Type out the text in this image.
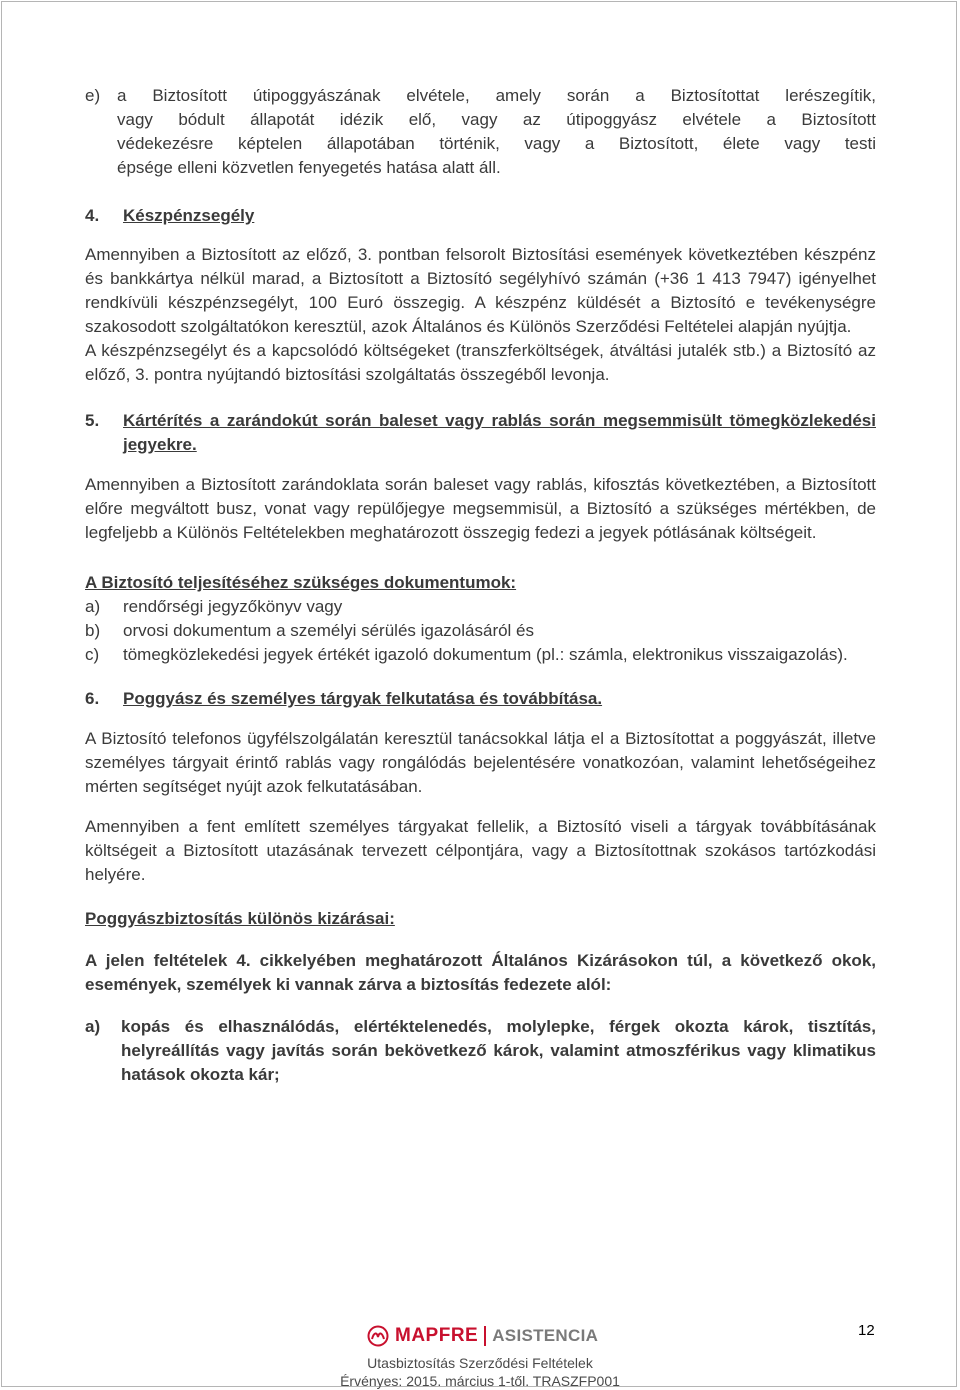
e) a Biztosított útipoggyászának elvétele, amely során a Biztosítottat lerészegítik,
vagy bódult állapotát idézik elő, vagy az útipoggyász elvétele a Biztosított
védekezésre képtelen állapotában történik, vagy a Biztosított, élete vagy testi
épsége elleni közvetlen fenyegetés hatása alatt áll.
4.	Készpénzsegély

Amennyiben a Biztosított az előző, 3. pontban felsorolt Biztosítási események következtében készpénz és bankkártya nélkül marad, a Biztosított a Biztosító segélyhívó számán (+36 1 413 7947) igényelhet rendkívüli készpénzsegélyt, 100 Euró összegig. A készpénz küldését a Biztosító e tevékenységre szakosodott szolgáltatókon keresztül, azok Általános és Különös Szerződési Feltételei alapján nyújtja.

A készpénzsegélyt és a kapcsolódó költségeket (transzferköltségek, átváltási jutalék stb.) a Biztosító az előző, 3. pontra nyújtandó biztosítási szolgáltatás összegéből levonja.

5.	Kártérítés a zarándokút során baleset vagy rablás során megsemmisült tömegközlekedési jegyekre.

Amennyiben a Biztosított zarándoklata során baleset vagy rablás, kifosztás következtében, a Biztosított előre megváltott busz, vonat vagy repülőjegye megsemmisül, a Biztosító a szükséges mértékben, de legfeljebb a Különös Feltételekben meghatározott összegig fedezi a jegyek pótlásának költségeit.

A Biztosító teljesítéséhez szükséges dokumentumok:

a)	rendőrségi jegyzőkönyv vagy
b)	orvosi dokumentum a személyi sérülés igazolásáról és
c)	tömegközlekedési jegyek értékét igazoló dokumentum (pl.: számla, elektronikus visszaigazolás).
6.	Poggyász és személyes tárgyak felkutatása és továbbítása.

A Biztosító telefonos ügyfélszolgálatán keresztül tanácsokkal látja el a Biztosítottat a poggyászát, illetve személyes tárgyait érintő rablás vagy rongálódás bejelentésére vonatkozóan, valamint lehetőségeihez mérten segítséget nyújt azok felkutatásában.

Amennyiben a fent említett személyes tárgyakat fellelik, a Biztosító viseli a tárgyak továbbításának költségeit a Biztosított utazásának tervezett célpontjára, vagy a Biztosítottnak szokásos tartózkodási helyére.

Poggyászbiztosítás különös kizárásai:

A jelen feltételek 4. cikkelyében meghatározott Általános Kizárásokon túl, a következő okok, események, személyek ki vannak zárva a biztosítás fedezete alól:

a)	kopás és elhasználódás, elértéktelenedés, molylepke, férgek okozta károk, tisztítás, helyreállítás vagy javítás során bekövetkező károk, valamint atmoszférikus vagy klimatikus hatások okozta kár;
MAPFRE ASISTENCIA
Utasbiztosítás Szerződési Feltételek
Érvényes: 2015. március 1-től. TRASZFP001
12
